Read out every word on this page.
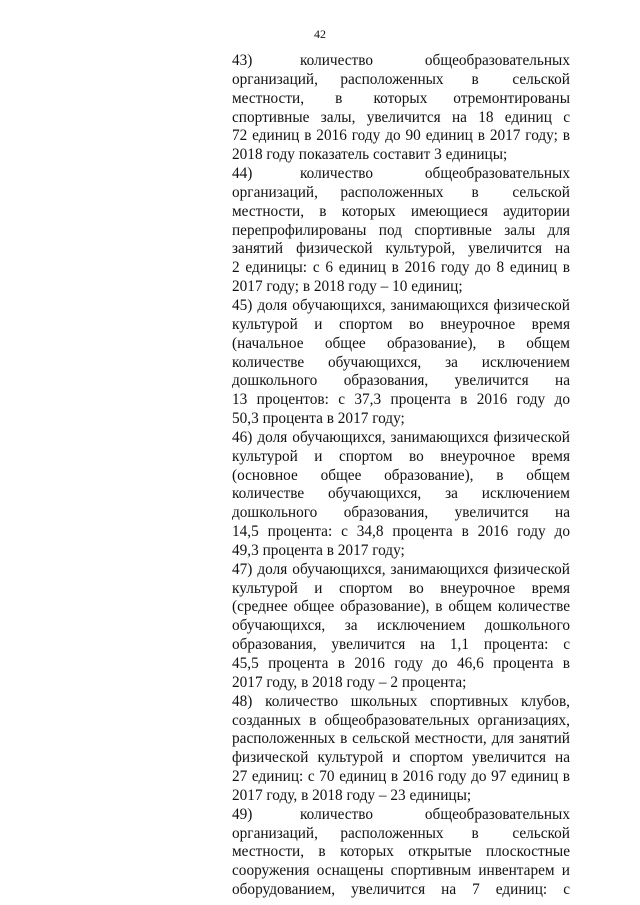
42
43)           количество            общеобразовательных
организаций,    расположенных     в      сельской
местности,      в      которых     отремонтированы
спортивные залы, увеличится на 18 единиц с
72 единиц в 2016 году до 90 единиц в 2017 году; в
2018 году показатель составит 3 единицы;
44)           количество            общеобразовательных
организаций,    расположенных     в      сельской
местности, в которых имеющиеся аудитории
перепрофилированы под спортивные залы для
занятий физической культурой, увеличится на
2 единицы: с 6 единиц в 2016 году до 8 единиц в
2017 году; в 2018 году – 10 единиц;
45) доля обучающихся, занимающихся физической
культурой и спортом во внеурочное время
(начальное общее образование), в общем
количестве обучающихся, за исключением
дошкольного образования, увеличится на
13 процентов: с 37,3 процента в 2016 году до
50,3 процента в 2017 году;
46) доля обучающихся, занимающихся физической
культурой и спортом во внеурочное время
(основное общее образование), в общем
количестве обучающихся, за исключением
дошкольного образования, увеличится на
14,5 процента: с 34,8 процента в 2016 году до
49,3 процента в 2017 году;
47) доля обучающихся, занимающихся физической
культурой и спортом во внеурочное время
(среднее общее образование), в общем количестве
обучающихся, за исключением дошкольного
образования, увеличится на 1,1 процента: с
45,5 процента в 2016 году до 46,6 процента в
2017 году, в 2018 году – 2 процента;
48) количество школьных спортивных клубов,
созданных в общеобразовательных организациях,
расположенных в сельской местности, для занятий
физической культурой и спортом увеличится на
27 единиц: с 70 единиц в 2016 году до 97 единиц в
2017 году, в 2018 году – 23 единицы;
49)           количество            общеобразовательных
организаций,    расположенных     в      сельской
местности, в которых открытые плоскостные
сооружения оснащены спортивным инвентарем и
оборудованием, увеличится на 7 единиц: с
